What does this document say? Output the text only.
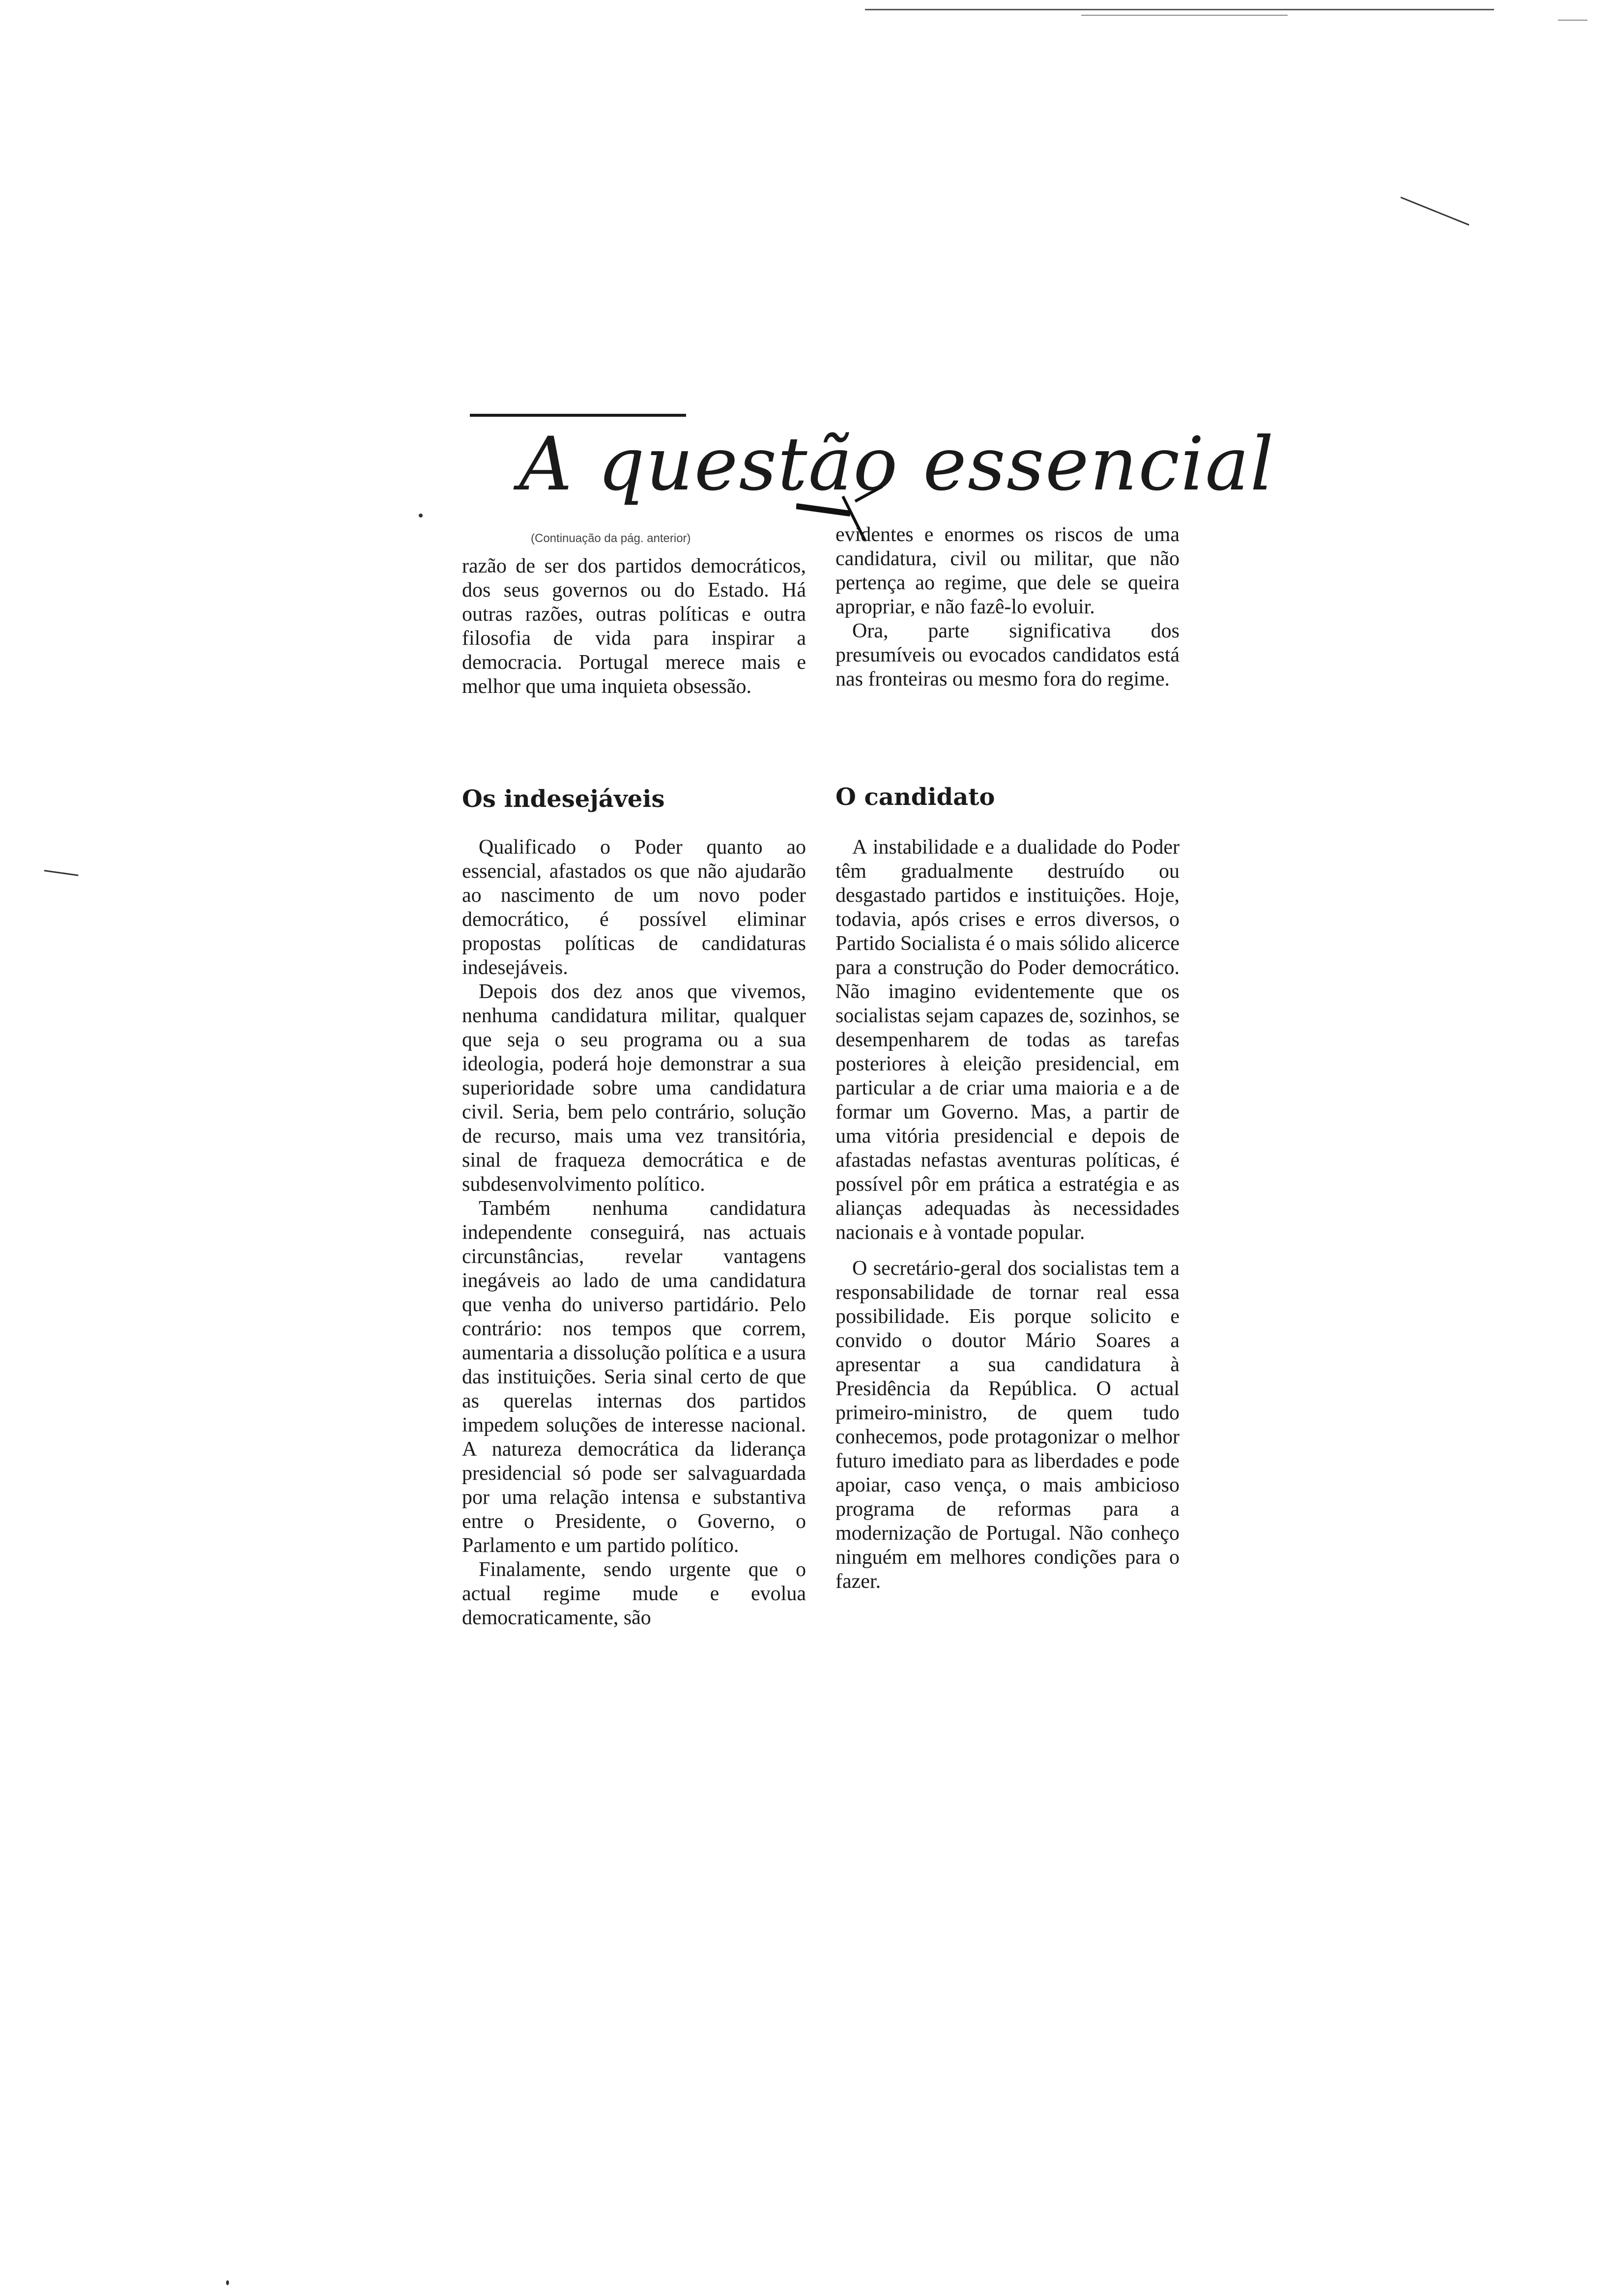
A questão essencial
(Continuação da pág. anterior)

razão de ser dos partidos democráticos, dos seus governos ou do Estado. Há outras razões, outras políticas e outra filosofia de vida para inspirar a democracia. Portugal merece mais e melhor que uma inquieta obsessão.

Os indesejáveis

Qualificado o Poder quanto ao essencial, afastados os que não ajudarão ao nascimento de um novo poder democrático, é possível eliminar propostas políticas de candidaturas indesejáveis.

Depois dos dez anos que vivemos, nenhuma candidatura militar, qualquer que seja o seu programa ou a sua ideologia, poderá hoje demonstrar a sua superioridade sobre uma candidatura civil. Seria, bem pelo contrário, solução de recurso, mais uma vez transitória, sinal de fraqueza democrática e de subdesenvolvimento político.

Também nenhuma candidatura independente conseguirá, nas actuais circunstâncias, revelar vantagens inegáveis ao lado de uma candidatura que venha do universo partidário. Pelo contrário: nos tempos que correm, aumentaria a dissolução política e a usura das instituições. Seria sinal certo de que as querelas internas dos partidos impedem soluções de interesse nacional. A natureza democrática da liderança presidencial só pode ser salvaguardada por uma relação intensa e substantiva entre o Presidente, o Governo, o Parlamento e um partido político.

Finalamente, sendo urgente que o actual regime mude e evolua democraticamente, são

evidentes e enormes os riscos de uma candidatura, civil ou militar, que não pertença ao regime, que dele se queira apropriar, e não fazê-lo evoluir.

Ora, parte significativa dos presumíveis ou evocados candidatos está nas fronteiras ou mesmo fora do regime.

O candidato

A instabilidade e a dualidade do Poder têm gradualmente destruído ou desgastado partidos e instituições. Hoje, todavia, após crises e erros diversos, o Partido Socialista é o mais sólido alicerce para a construção do Poder democrático. Não imagino evidentemente que os socialistas sejam capazes de, sozinhos, se desempenharem de todas as tarefas posteriores à eleição presidencial, em particular a de criar uma maioria e a de formar um Governo. Mas, a partir de uma vitória presidencial e depois de afastadas nefastas aventuras políticas, é possível pôr em prática a estratégia e as alianças adequadas às necessidades nacionais e à vontade popular.

O secretário-geral dos socialistas tem a responsabilidade de tornar real essa possibilidade. Eis porque solicito e convido o doutor Mário Soares a apresentar a sua candidatura à Presidência da República. O actual primeiro-ministro, de quem tudo conhecemos, pode protagonizar o melhor futuro imediato para as liberdades e pode apoiar, caso vença, o mais ambicioso programa de reformas para a modernização de Portugal. Não conheço ninguém em melhores condições para o fazer.
